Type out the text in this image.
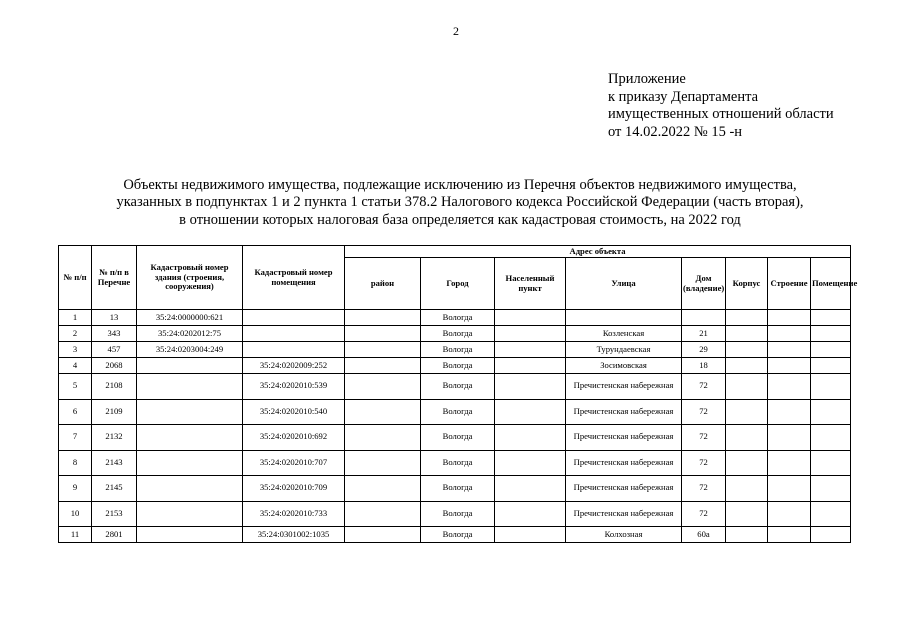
2
Приложение
к приказу Департамента
имущественных отношений области
от 14.02.2022 № 15 -н
Объекты недвижимого имущества, подлежащие исключению из Перечня объектов недвижимого имущества,
указанных в подпунктах 1 и 2 пункта 1 статьи 378.2 Налогового кодекса Российской Федерации (часть вторая),
в отношении которых налоговая база определяется как кадастровая стоимость, на 2022 год
№ п/п	№ п/п в Перечне	Кадастровый номер здания (строения, сооружения)	Кадастровый номер помещения	Адрес объекта							
				район	Город	Населенный пункт	Улица	Дом (владение)	Корпус	Строение	Помещение
1	13	35:24:0000000:621			Вологда						
2	343	35:24:0202012:75			Вологда		Козленская	21			
3	457	35:24:0203004:249			Вологда		Турундаевская	29			
4	2068		35:24:0202009:252		Вологда		Зосимовская	18			
5	2108		35:24:0202010:539		Вологда		Пречистенская набережная	72			
6	2109		35:24:0202010:540		Вологда		Пречистенская набережная	72			
7	2132		35:24:0202010:692		Вологда		Пречистенская набережная	72			
8	2143		35:24:0202010:707		Вологда		Пречистенская набережная	72			
9	2145		35:24:0202010:709		Вологда		Пречистенская набережная	72			
10	2153		35:24:0202010:733		Вологда		Пречистенская набережная	72			
11	2801		35:24:0301002:1035		Вологда		Колхозная	60а			
